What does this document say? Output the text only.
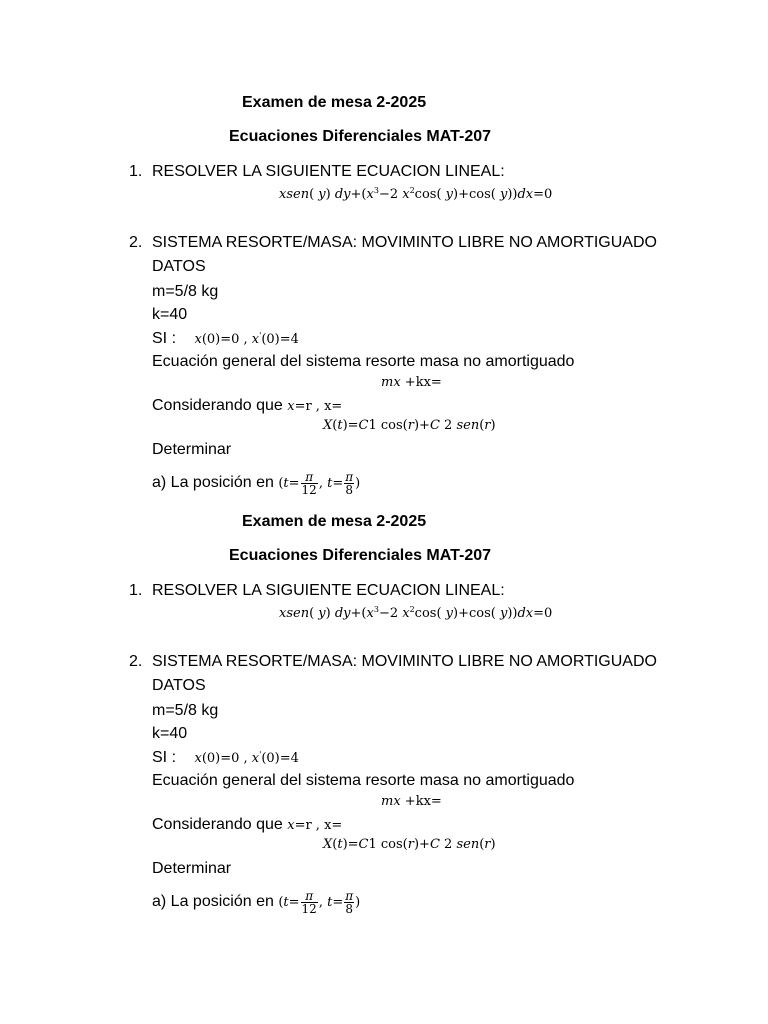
Examen de mesa 2-2025
Ecuaciones Diferenciales MAT-207
1. RESOLVER LA SIGUIENTE ECUACION LINEAL:
xsen( y) $dy+(x^3-2$ $x^2\cos$( y)+cos( y))dx=0
2. SISTEMA RESORTE/MASA: MOVIMINTO LIBRE NO AMORTIGUADO
DATOS
m=5/8 kg
k=40
SI : x(0)=0 , x'(0)=4
Ecuación general del sistema resorte masa no amortiguado
mx +kx=
Considerando que x=r , x=
X(t)=C1 cos(r)+C 2 sen(r)
Determinar
a) La posición en ($t= \frac{\pi}{12}$ , $t= \frac{\pi}{8}$ )
Examen de mesa 2-2025
Ecuaciones Diferenciales MAT-207
1. RESOLVER LA SIGUIENTE ECUACION LINEAL:
xsen( y) $dy+(x^3-2$ $x^2\cos$( y)+cos( y))dx=0
2. SISTEMA RESORTE/MASA: MOVIMINTO LIBRE NO AMORTIGUADO
DATOS
m=5/8 kg
k=40
SI : x(0)=0 , x'(0)=4
Ecuación general del sistema resorte masa no amortiguado
mx +kx=
Considerando que x=r , x=
X(t)=C1 cos(r)+C 2 sen(r)
Determinar
a) La posición en ($t= \frac{\pi}{12}$ , $t= \frac{\pi}{8}$ )
